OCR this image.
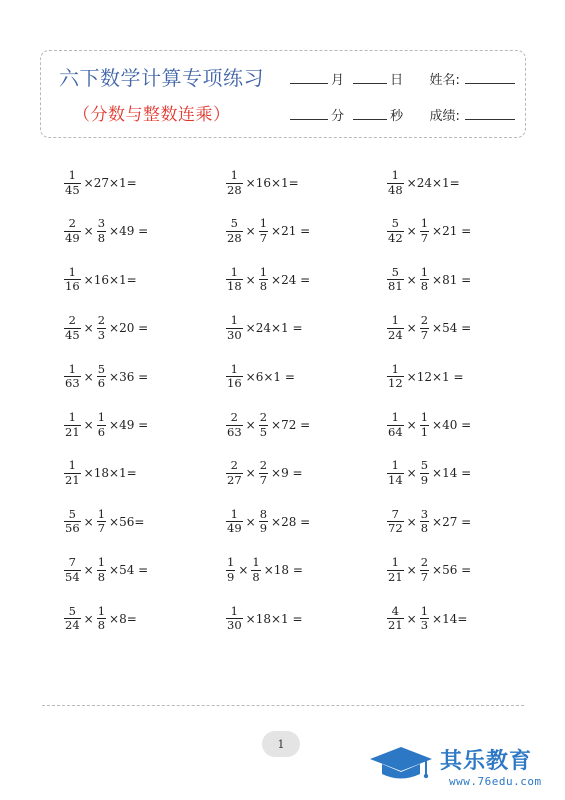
六下数学计算专项练习
（分数与整数连乘）
月	日 姓名:
分	秒 成绩:
$\frac{1}{45} \times 27\times 1=$
$\frac{2}{49} \times \frac{3}{8} \times 49$ =
$\frac{1}{16} \times 16\times 1=$
$\frac{2}{45} \times \frac{2}{3} \times 20$ =
$\frac{1}{63} \times \frac{5}{6} \times 36$ =
$\frac{1}{21} \times \frac{1}{6} \times 49$ =
$\frac{1}{21} \times 18\times 1=$
$\frac{5}{56} \times \frac{1}{7} \times 56=$
$\frac{7}{54} \times \frac{1}{8} \times 54$ =
$\frac{5}{24} \times \frac{1}{8} \times 8=$
$\frac{1}{28} \times 16\times 1=$
$\frac{5}{28} \times \frac{1}{7} \times 21$ =
$\frac{1}{18} \times \frac{1}{8} \times 24$ =
$\frac{1}{30} \times 24\times 1$ =
$\frac{1}{16} \times 6\times 1$ =
$\frac{2}{63} \times \frac{2}{5} \times 72$ =
$\frac{2}{27} \times \frac{2}{7} \times 9$ =
$\frac{1}{49} \times \frac{8}{9} \times 28$ =
$\frac{1}{9} \times \frac{1}{8} \times 18$ =
$\frac{1}{30} \times 18\times 1$ =
$\frac{1}{48} \times 24\times 1=$
$\frac{5}{42} \times \frac{1}{7} \times 21$ =
$\frac{5}{81} \times \frac{1}{8} \times 81$ =
$\frac{1}{24} \times \frac{2}{7} \times 54$ =
$\frac{1}{12} \times 12\times 1$ =
$\frac{1}{64} \times \frac{1}{1} \times 40$ =
$\frac{1}{14} \times \frac{5}{9} \times 14$ =
$\frac{7}{72} \times \frac{3}{8} \times 27$ =
$\frac{1}{21} \times \frac{2}{7} \times 56$ =
$\frac{4}{21} \times \frac{1}{3} \times 14=$
1
其乐教育
www.76edu.com
